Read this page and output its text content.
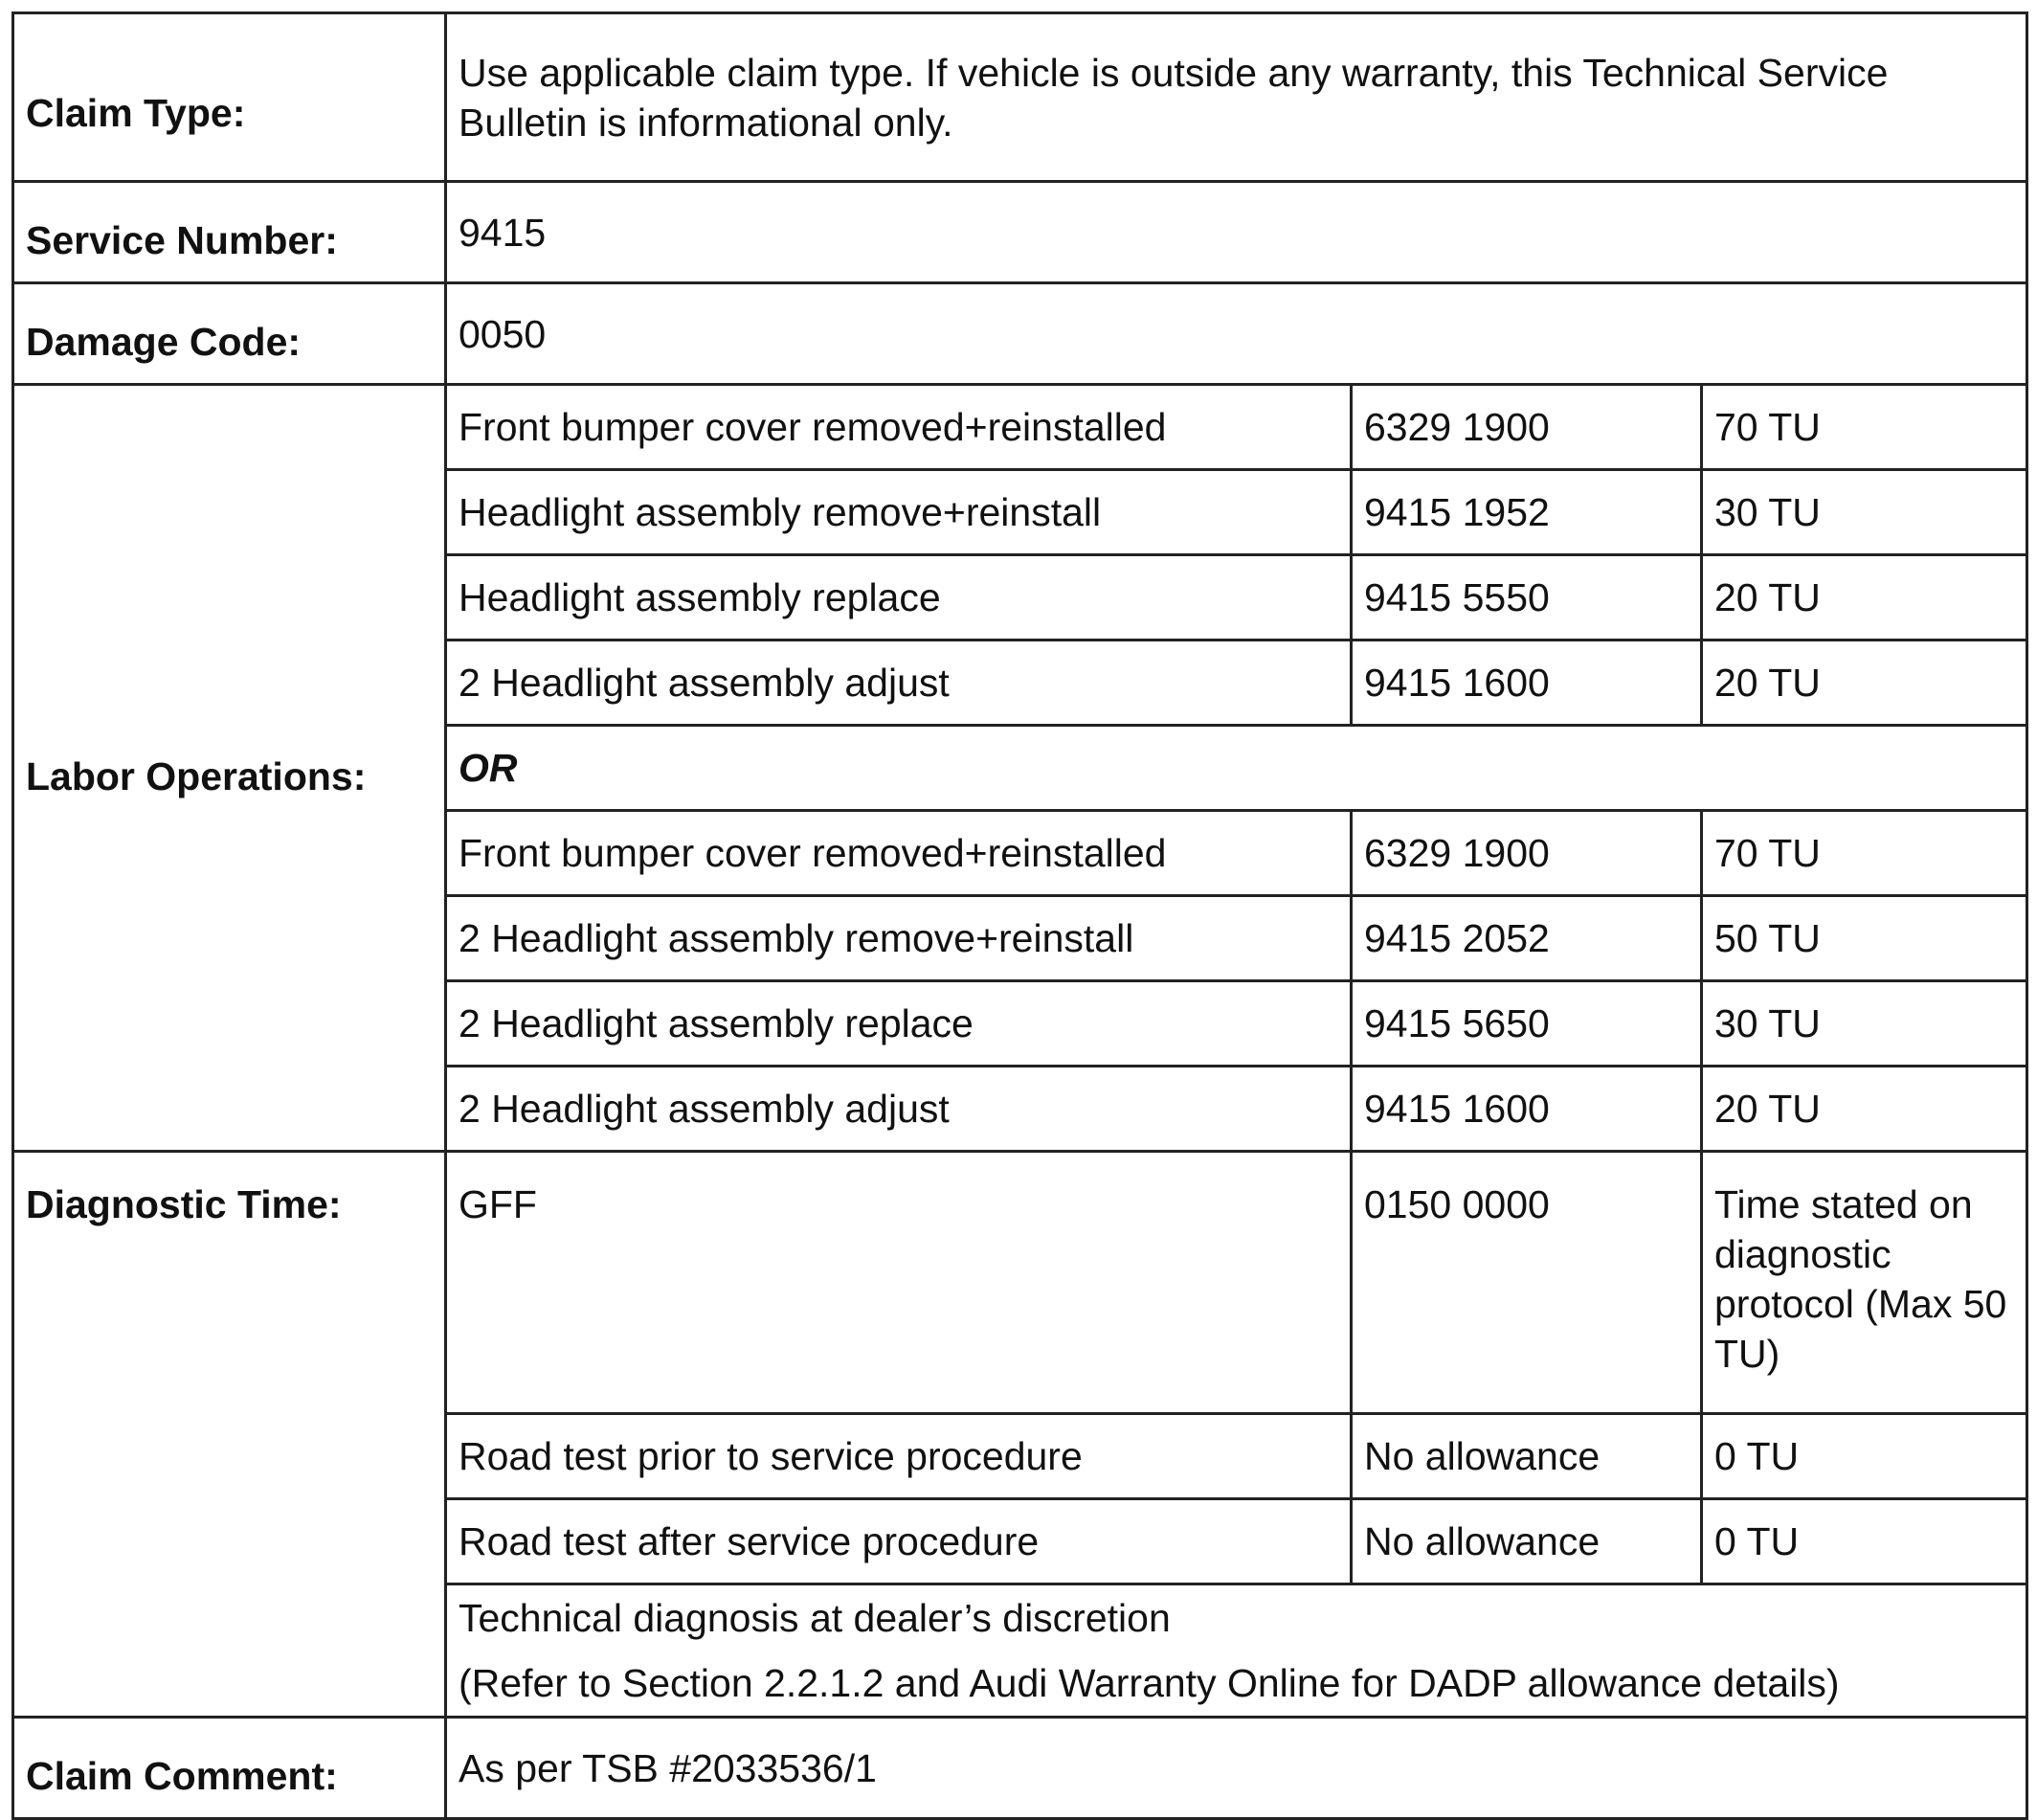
Claim Type:	Use applicable claim type. If vehicle is outside any warranty, this Technical Service Bulletin is informational only.		
Service Number:	9415		
Damage Code:	0050		
Labor Operations:	Front bumper cover removed+reinstalled	6329 1900	70 TU
	Headlight assembly remove+reinstall	9415 1952	30 TU
	Headlight assembly replace	9415 5550	20 TU
	2 Headlight assembly adjust	9415 1600	20 TU
	OR		
	Front bumper cover removed+reinstalled	6329 1900	70 TU
	2 Headlight assembly remove+reinstall	9415 2052	50 TU
	2 Headlight assembly replace	9415 5650	30 TU
	2 Headlight assembly adjust	9415 1600	20 TU
Diagnostic Time:	GFF	0150 0000	Time stated on diagnostic protocol (Max 50 TU)
	Road test prior to service procedure	No allowance	0 TU
	Road test after service procedure	No allowance	0 TU

	Technical diagnosis at dealer’s discretion
(Refer to Section 2.2.1.2 and Audi Warranty Online for DADP allowance details)		

Claim Comment:	As per TSB #2033536/1		
